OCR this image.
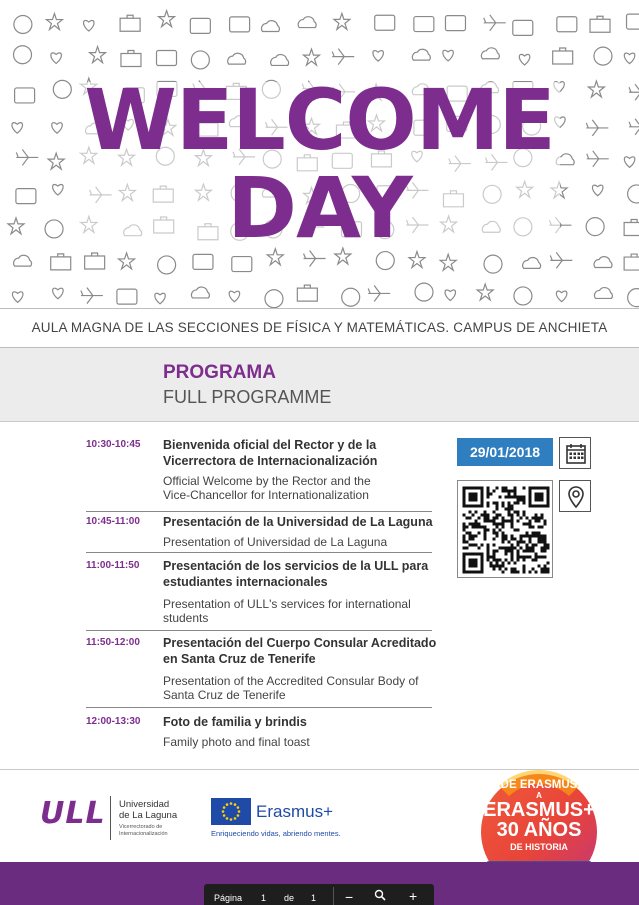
WELCOME
DAY
AULA MAGNA DE LAS SECCIONES DE FÍSICA Y MATEMÁTICAS. CAMPUS DE ANCHIETA
PROGRAMA
FULL PROGRAMME
10:30-10:45 Bienvenida oficial del Rector y de la
Vicerrectora de Internacionalización
Official Welcome by the Rector and the
Vice-Chancellor for Internationalization
10:45-11:00 Presentación de la Universidad de La Laguna
Presentation of Universidad de La Laguna
11:00-11:50 Presentación de los servicios de la ULL para
estudiantes internacionales
Presentation of ULL's services for international
students
11:50-12:00 Presentación del Cuerpo Consular Acreditado
en Santa Cruz de Tenerife
Presentation of the Accredited Consular Body of
Santa Cruz de Tenerife
12:00-13:30 Foto de familia y brindis
Family photo and final toast
29/01/2018
ULL Universidad
de La Laguna
Vicerrectorado de
Internacionalización
Erasmus+
Enriqueciendo vidas, abriendo mentes.
DE ERASMUS
A
ERASMUS+
30 AÑOS
DE HISTORIA
Página 1 de 1 −	+
